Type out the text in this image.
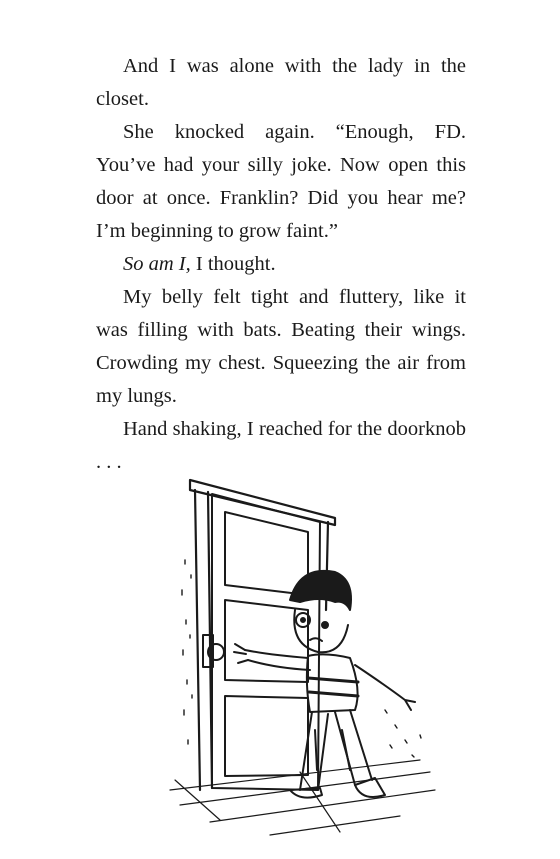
And I was alone with the lady in the closet.

She knocked again. “Enough, FD. You’ve had your silly joke. Now open this door at once. Franklin? Did you hear me? I’m beginning to grow faint.”

So am I, I thought.

My belly felt tight and fluttery, like it was filling with bats. Beating their wings. Crowding my chest. Squeezing the air from my lungs.

Hand shaking, I reached for the doorknob . . .
